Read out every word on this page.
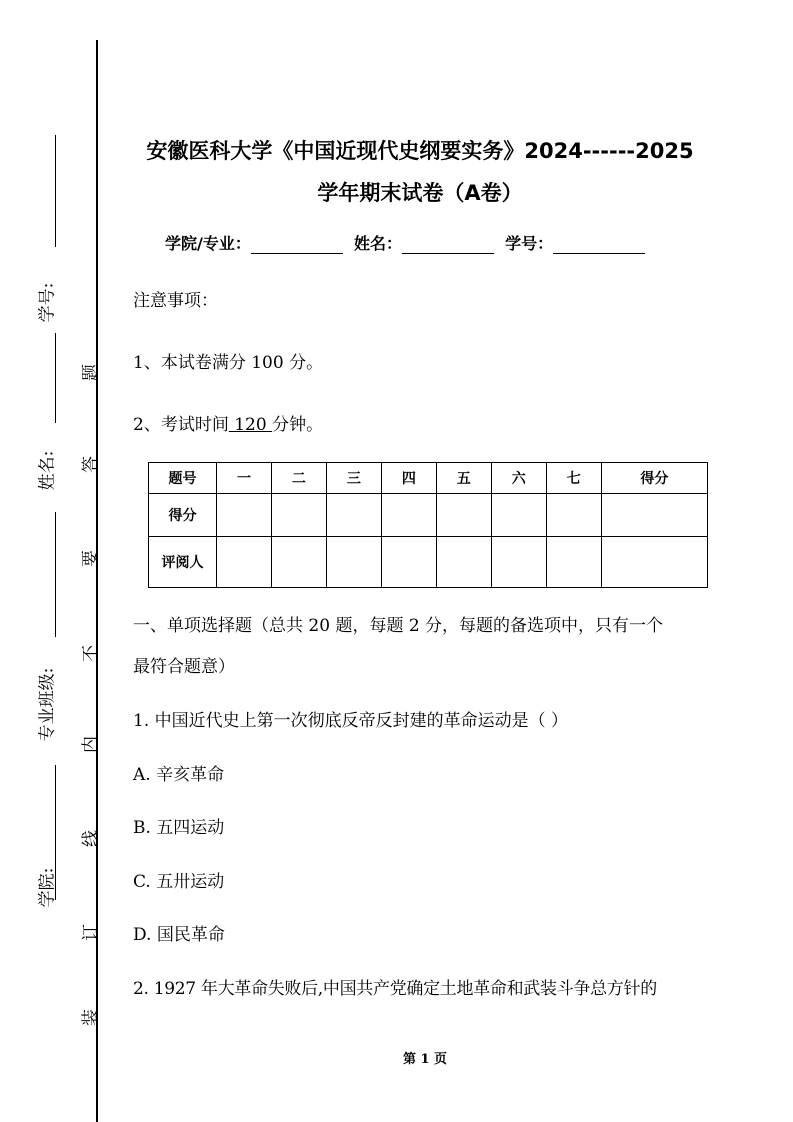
学号:
姓名:
专业班级:
学院:
题
答
要
不
内
线
订
装
安徽医科大学《中国近现代史纲要实务》2024------2025
学年期末试卷（A卷）
学院/专业：	姓名：	学号：
注意事项：
1、本试卷满分 100 分。
2、考试时间 120 分钟。
题号	一	二	三	四	五	六	七	得分
得分								
评阅人								
一、单项选择题（总共 20 题，每题 2 分，每题的备选项中，只有一个
最符合题意）
1. 中国近代史上第一次彻底反帝反封建的革命运动是（ ）
A. 辛亥革命
B. 五四运动
C. 五卅运动
D. 国民革命
2. 1927 年大革命失败后,中国共产党确定土地革命和武装斗争总方针的
第 1 页
